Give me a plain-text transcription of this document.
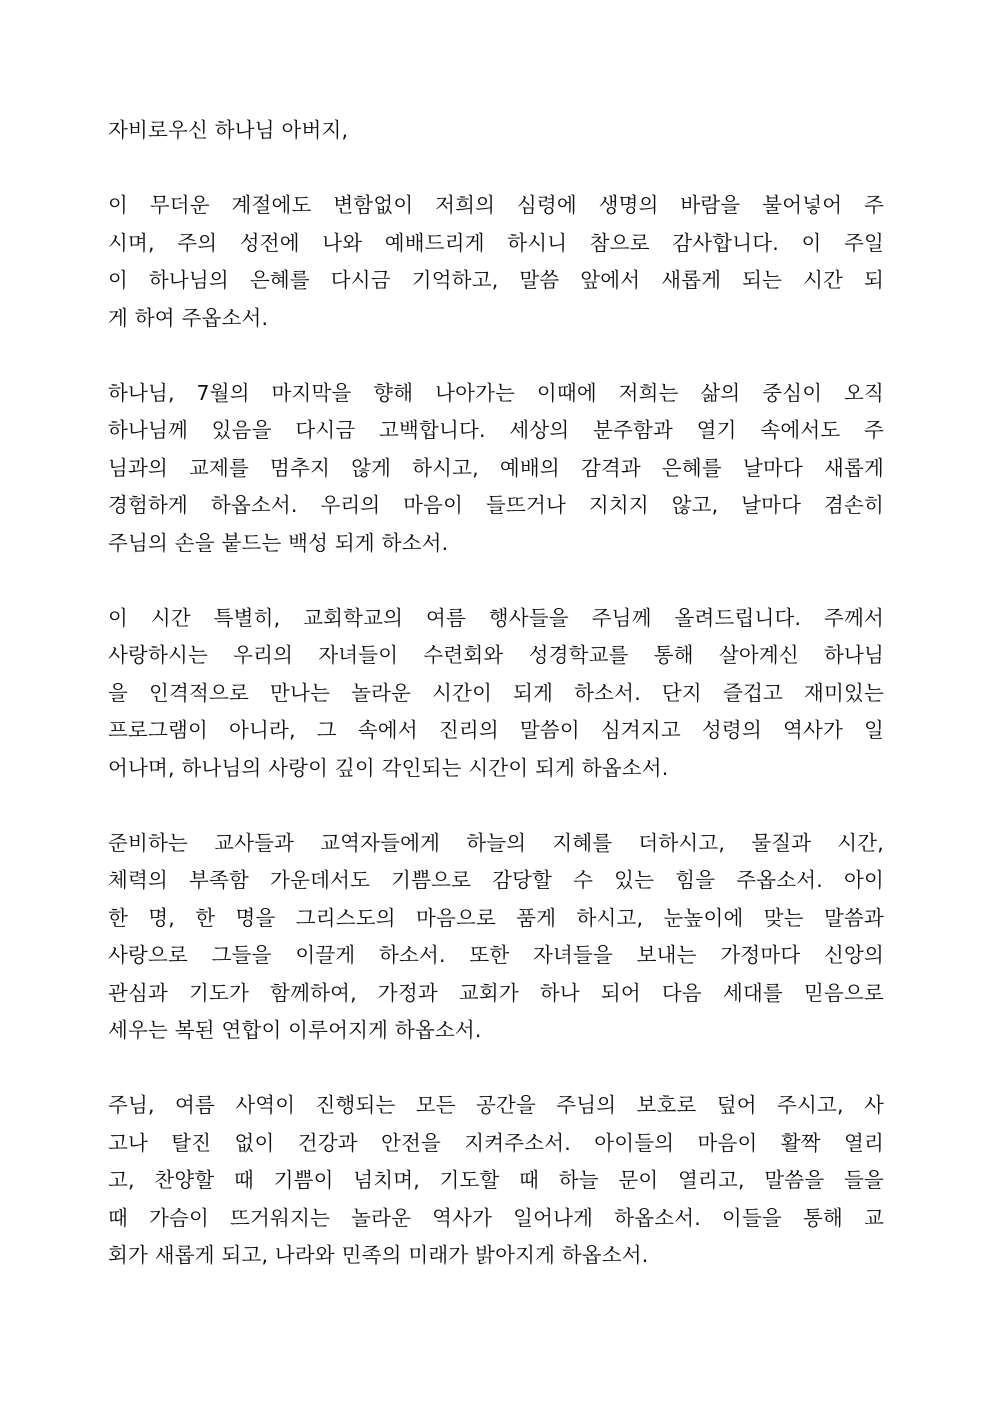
자비로우신 하나님 아버지,
이 무더운 계절에도 변함없이 저희의 심령에 생명의 바람을 불어넣어 주
시며, 주의 성전에 나와 예배드리게 하시니 참으로 감사합니다. 이 주일
이 하나님의 은혜를 다시금 기억하고, 말씀 앞에서 새롭게 되는 시간 되
게 하여 주옵소서.
하나님, 7월의 마지막을 향해 나아가는 이때에 저희는 삶의 중심이 오직
하나님께 있음을 다시금 고백합니다. 세상의 분주함과 열기 속에서도 주
님과의 교제를 멈추지 않게 하시고, 예배의 감격과 은혜를 날마다 새롭게
경험하게 하옵소서. 우리의 마음이 들뜨거나 지치지 않고, 날마다 겸손히
주님의 손을 붙드는 백성 되게 하소서.
이 시간 특별히, 교회학교의 여름 행사들을 주님께 올려드립니다. 주께서
사랑하시는 우리의 자녀들이 수련회와 성경학교를 통해 살아계신 하나님
을 인격적으로 만나는 놀라운 시간이 되게 하소서. 단지 즐겁고 재미있는
프로그램이 아니라, 그 속에서 진리의 말씀이 심겨지고 성령의 역사가 일
어나며, 하나님의 사랑이 깊이 각인되는 시간이 되게 하옵소서.
준비하는 교사들과 교역자들에게 하늘의 지혜를 더하시고, 물질과 시간,
체력의 부족함 가운데서도 기쁨으로 감당할 수 있는 힘을 주옵소서. 아이
한 명, 한 명을 그리스도의 마음으로 품게 하시고, 눈높이에 맞는 말씀과
사랑으로 그들을 이끌게 하소서. 또한 자녀들을 보내는 가정마다 신앙의
관심과 기도가 함께하여, 가정과 교회가 하나 되어 다음 세대를 믿음으로
세우는 복된 연합이 이루어지게 하옵소서.
주님, 여름 사역이 진행되는 모든 공간을 주님의 보호로 덮어 주시고, 사
고나 탈진 없이 건강과 안전을 지켜주소서. 아이들의 마음이 활짝 열리
고, 찬양할 때 기쁨이 넘치며, 기도할 때 하늘 문이 열리고, 말씀을 들을
때 가슴이 뜨거워지는 놀라운 역사가 일어나게 하옵소서. 이들을 통해 교
회가 새롭게 되고, 나라와 민족의 미래가 밝아지게 하옵소서.
